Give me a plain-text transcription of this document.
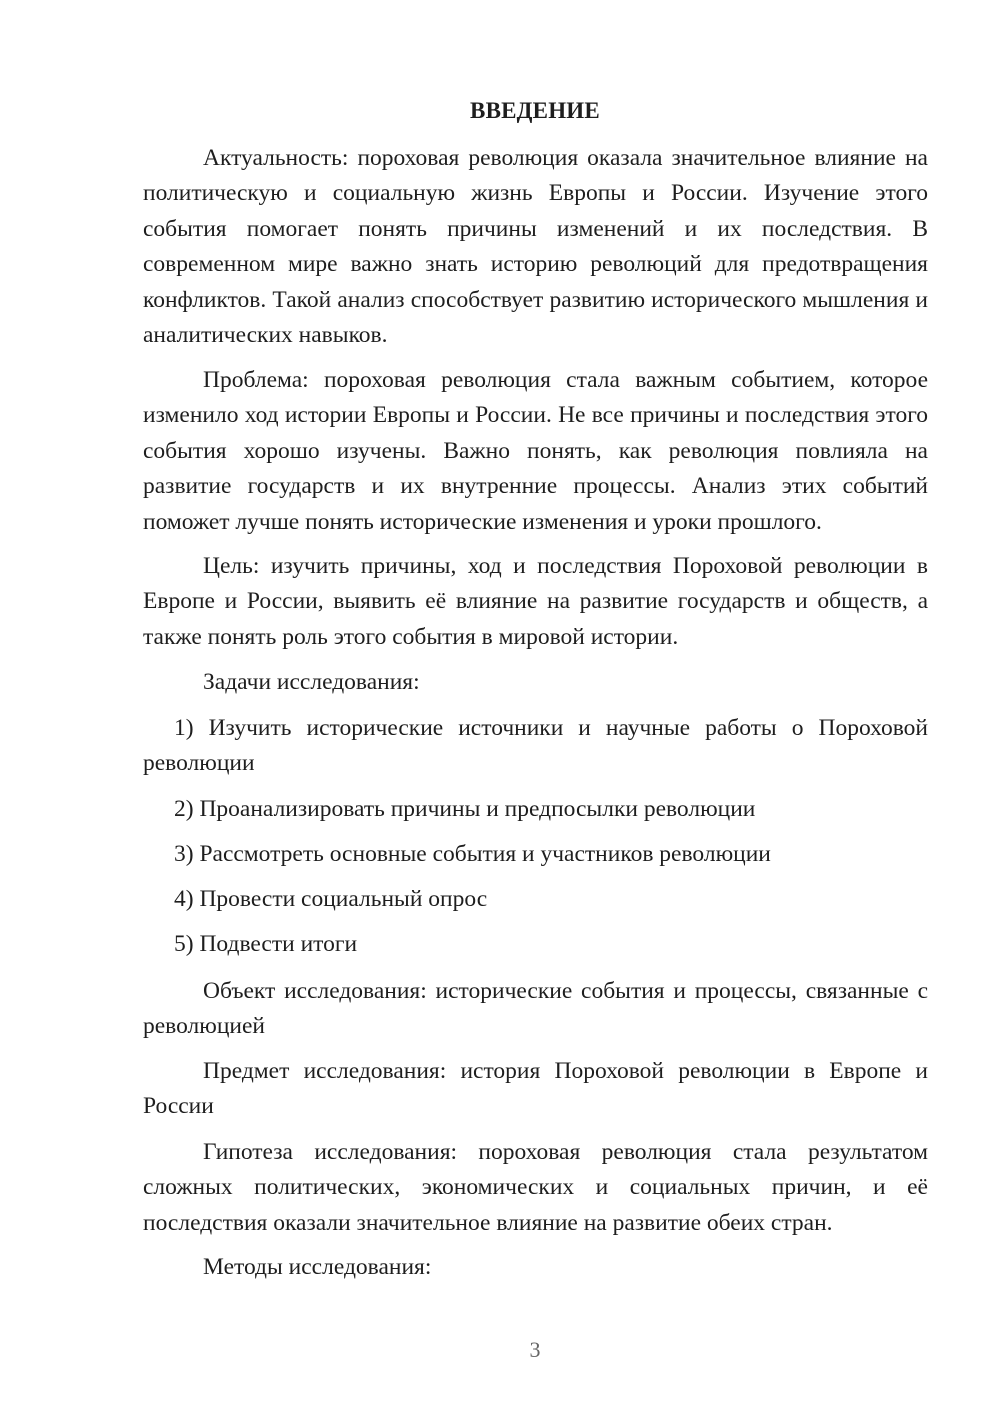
ВВЕДЕНИЕ

Актуальность: пороховая революция оказала значительное влияние на политическую и социальную жизнь Европы и России. Изучение этого события помогает понять причины изменений и их последствия. В современном мире важно знать историю революций для предотвращения конфликтов. Такой анализ способствует развитию исторического мышления и аналитических навыков.

Проблема: пороховая революция стала важным событием, которое изменило ход истории Европы и России. Не все причины и последствия этого события хорошо изучены. Важно понять, как революция повлияла на развитие государств и их внутренние процессы. Анализ этих событий поможет лучше понять исторические изменения и уроки прошлого.

Цель: изучить причины, ход и последствия Пороховой революции в Европе и России, выявить её влияние на развитие государств и обществ, а также понять роль этого события в мировой истории.

Задачи исследования:

1) Изучить исторические источники и научные работы о Пороховой революции

2) Проанализировать причины и предпосылки революции

3) Рассмотреть основные события и участников революции

4) Провести социальный опрос

5) Подвести итоги

Объект исследования: исторические события и процессы, связанные с революцией

Предмет исследования: история Пороховой революции в Европе и России

Гипотеза исследования: пороховая революция стала результатом сложных политических, экономических и социальных причин, и её последствия оказали значительное влияние на развитие обеих стран.

Методы исследования:

3
